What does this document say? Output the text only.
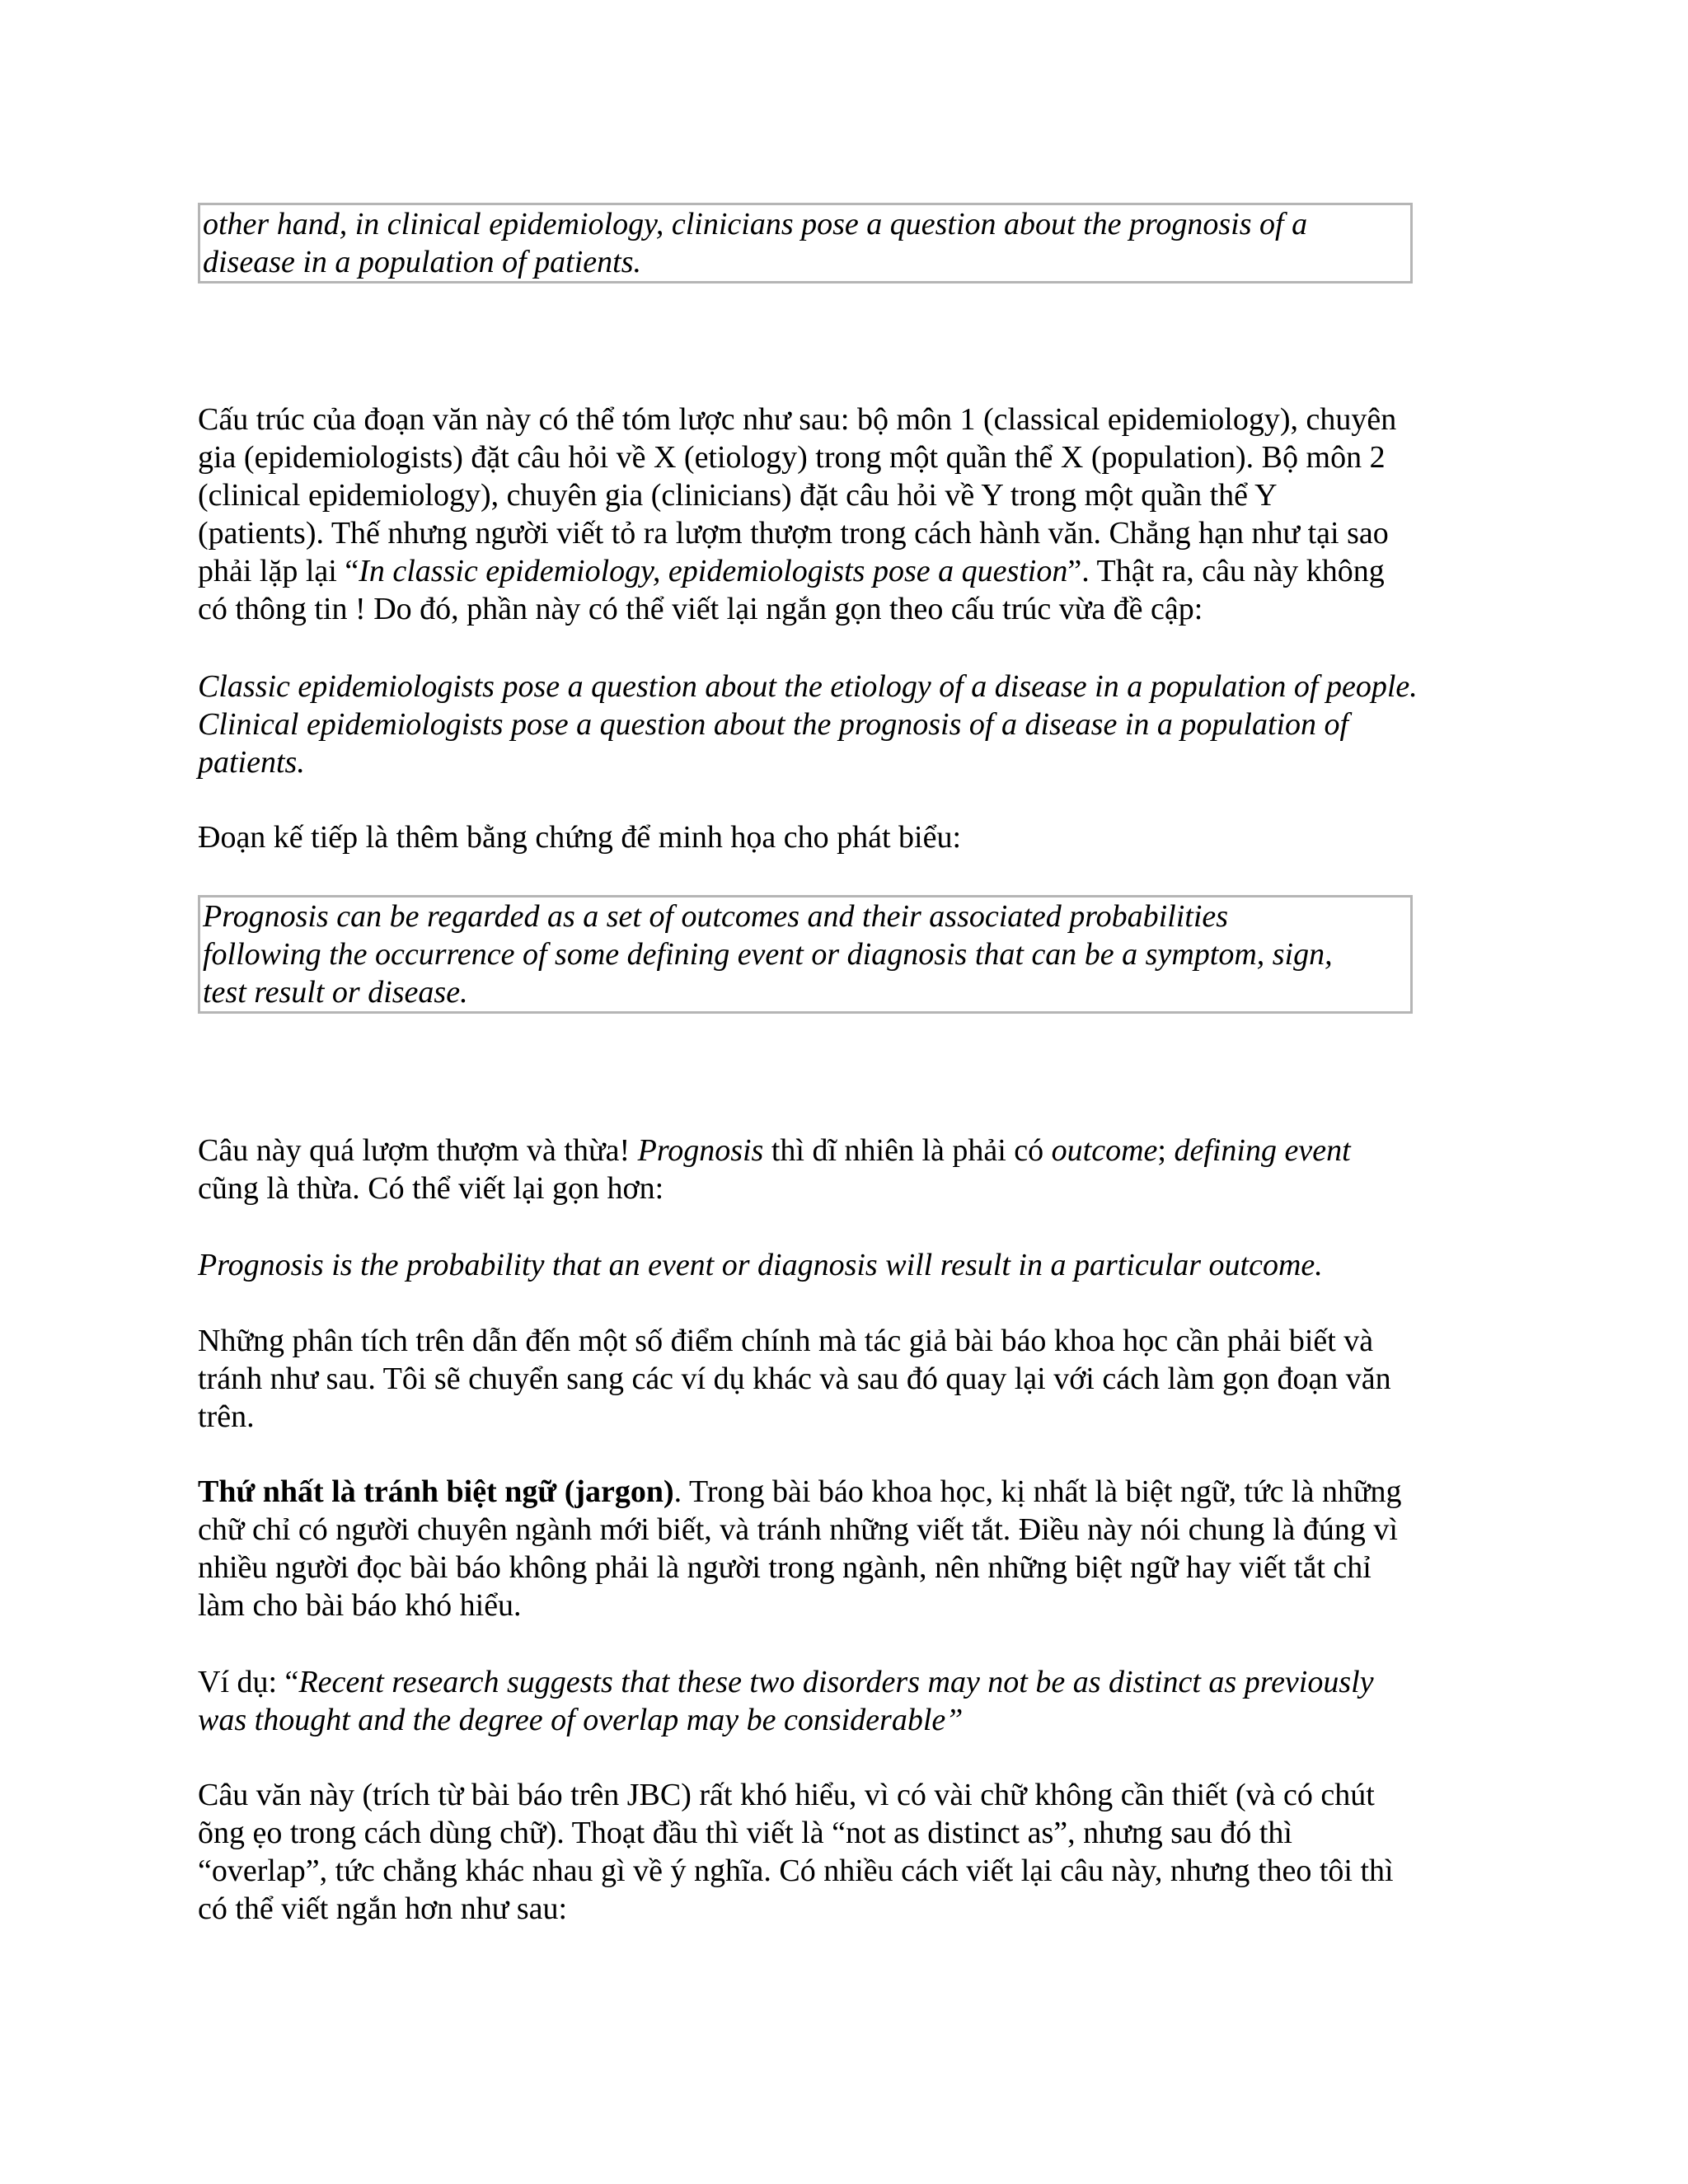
other hand, in clinical epidemiology, clinicians pose a question about the prognosis of a
disease in a population of patients.
Cấu trúc của đoạn văn này có thể tóm lược như sau: bộ môn 1 (classical epidemiology), chuyên
gia (epidemiologists) đặt câu hỏi về X (etiology) trong một quần thể X (population). Bộ môn 2
(clinical epidemiology), chuyên gia (clinicians) đặt câu hỏi về Y trong một quần thể Y
(patients). Thế nhưng người viết tỏ ra lượm thượm trong cách hành văn. Chẳng hạn như tại sao
phải lặp lại “In classic epidemiology, epidemiologists pose a question”. Thật ra, câu này không
có thông tin ! Do đó, phần này có thể viết lại ngắn gọn theo cấu trúc vừa đề cập:
Classic epidemiologists pose a question about the etiology of a disease in a population of people.
Clinical epidemiologists pose a question about the prognosis of a disease in a population of
patients.
Đoạn kế tiếp là thêm bằng chứng để minh họa cho phát biểu:
Prognosis can be regarded as a set of outcomes and their associated probabilities
following the occurrence of some defining event or diagnosis that can be a symptom, sign,
test result or disease.
Câu này quá lượm thượm và thừa! Prognosis thì dĩ nhiên là phải có outcome; defining event
cũng là thừa. Có thể viết lại gọn hơn:
Prognosis is the probability that an event or diagnosis will result in a particular outcome.
Những phân tích trên dẫn đến một số điểm chính mà tác giả bài báo khoa học cần phải biết và
tránh như sau. Tôi sẽ chuyển sang các ví dụ khác và sau đó quay lại với cách làm gọn đoạn văn
trên.
Thứ nhất là tránh biệt ngữ (jargon). Trong bài báo khoa học, kị nhất là biệt ngữ, tức là những
chữ chỉ có người chuyên ngành mới biết, và tránh những viết tắt. Điều này nói chung là đúng vì
nhiều người đọc bài báo không phải là người trong ngành, nên những biệt ngữ hay viết tắt chỉ
làm cho bài báo khó hiểu.
Ví dụ: “Recent research suggests that these two disorders may not be as distinct as previously
was thought and the degree of overlap may be considerable”
Câu văn này (trích từ bài báo trên JBC) rất khó hiểu, vì có vài chữ không cần thiết (và có chút
õng ẹo trong cách dùng chữ). Thoạt đầu thì viết là “not as distinct as”, nhưng sau đó thì
“overlap”, tức chẳng khác nhau gì về ý nghĩa. Có nhiều cách viết lại câu này, nhưng theo tôi thì
có thể viết ngắn hơn như sau:
